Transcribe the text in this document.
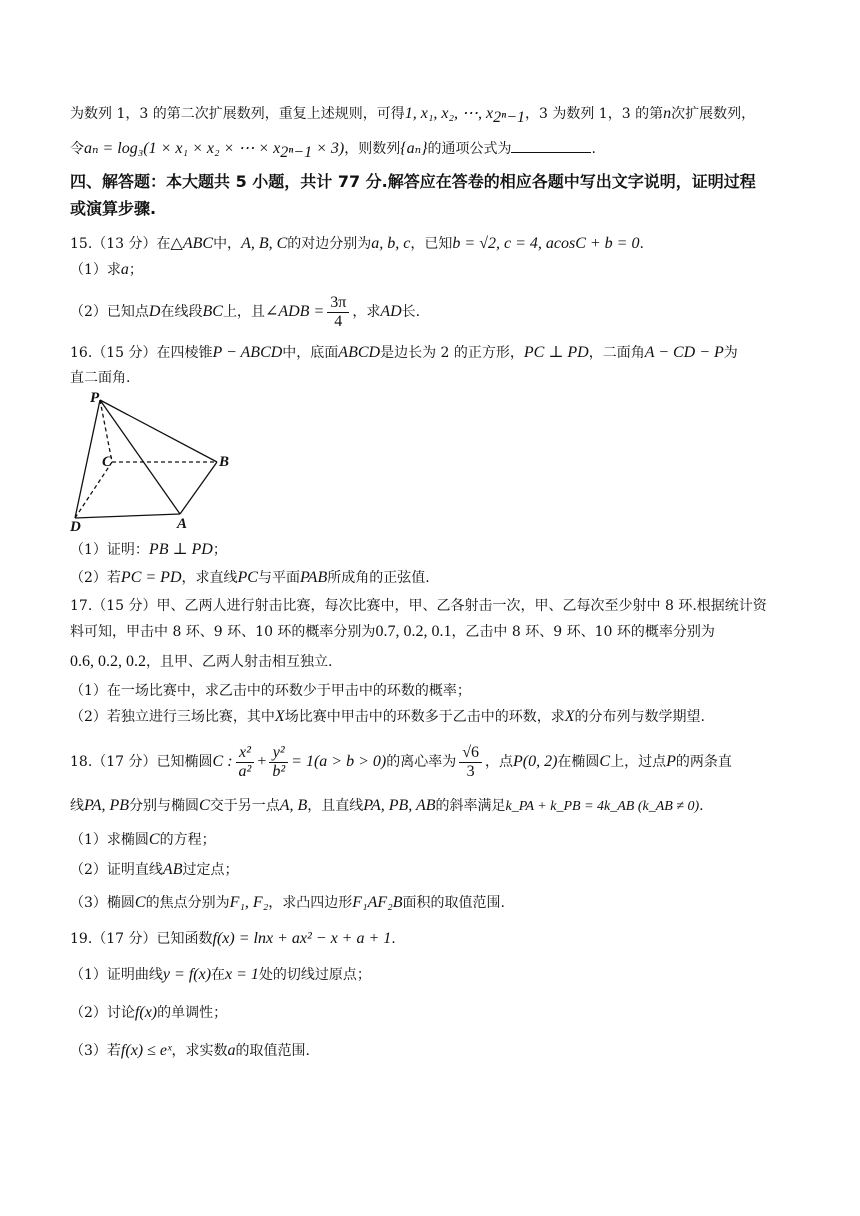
为数列 1，3 的第二次扩展数列，重复上述规则，可得1, x₁, x₂, ⋯, $x_{2^n-1}$，3 为数列 1，3 的第n次扩展数列，
令aₙ = log₃(1 × x₁ × x₂ × ⋯ × $x_{2^n-1} \times 3$)，则数列{aₙ}的通项公式为	.
四、解答题：本大题共 5 小题，共计 77 分.解答应在答卷的相应各题中写出文字说明，证明过程
或演算步骤.
15.（13 分）在△ABC中，A, B, C的对边分别为a, b, c，已知b = √2, c = 4, acosC + b = 0.
（1）求a；
（2）已知点D在线段BC上，且∠ADB = $\frac{3\pi}{4}$ ，求AD长.
16.（15 分）在四棱锥P − ABCD中，底面ABCD是边长为 2 的正方形，PC ⊥ PD，二面角A − CD − P为
直二面角.
P
C	B
D	A
（1）证明：PB ⊥ PD；
（2）若PC = PD，求直线PC与平面PAB所成角的正弦值.
17.（15 分）甲、乙两人进行射击比赛，每次比赛中，甲、乙各射击一次，甲、乙每次至少射中 8 环.根据统计资
料可知，甲击中 8 环、9 环、10 环的概率分别为0.7, 0.2, 0.1，乙击中 8 环、9 环、10 环的概率分别为
0.6, 0.2, 0.2，且甲、乙两人射击相互独立.
（1）在一场比赛中，求乙击中的环数少于甲击中的环数的概率；
（2）若独立进行三场比赛，其中X场比赛中甲击中的环数多于乙击中的环数，求X的分布列与数学期望.
18.（17 分）已知椭圆C : $\frac{\text{x²}}{\text{a²}} + \frac{\text{y²}}{\text{b²}} = 1(a > b > 0)$的离心率为 $\frac{√6}{3}$ ，点P(0, 2)在椭圆C上，过点P的两条直
线PA, PB分别与椭圆C交于另一点A, B，且直线PA, PB, AB的斜率满足k_PA + k_PB = 4k_AB (k_AB ≠ 0).
（1）求椭圆C的方程；
（2）证明直线AB过定点；
（3）椭圆C的焦点分别为F₁, F₂，求凸四边形F₁AF₂B面积的取值范围.
19.（17 分）已知函数f(x) = lnx + ax² − x + a + 1.
（1）证明曲线y = f(x)在x = 1处的切线过原点；
（2）讨论f(x)的单调性；
（3）若f(x) ≤ eˣ，求实数a的取值范围.
